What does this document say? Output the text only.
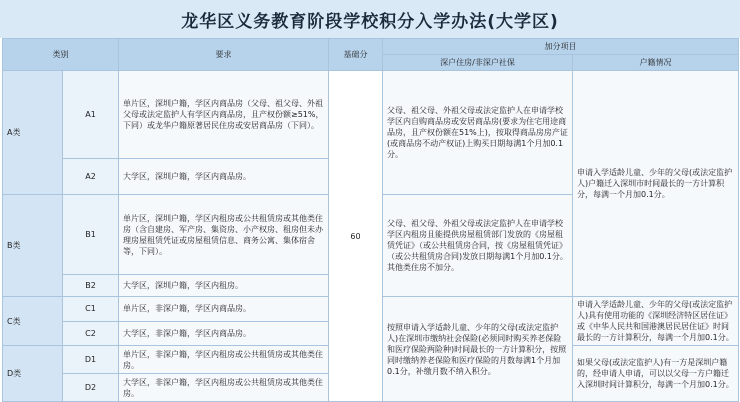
龙华区义务教育阶段学校积分入学办法(大学区)
类别		要求	基础分	加分项目	
				深户住房/非深户社保	户籍情况
A类	A1	单片区，深圳户籍，学区内商品房（父母、祖父母、外祖父母或法定监护人有学区内商品房，且产权份额≥51%，下同）或龙华户籍原著居民住房或安居商品房（下同）。	60	父母、祖父母、外祖父母或法定监护人在申请学校学区内自购商品房或安居商品房(要求为住宅用途商品房，且产权份额在51%上)，按取得商品房房产证(或商品房不动产权证)上购买日期每满1个月加0.1分。	申请入学适龄儿童、少年的父母(或法定监护人)户籍迁入深圳市时间最长的一方计算积分，每满一个月加0.1分。
	A2	大学区，深圳户籍，学区内商品房。			
B类	B1	单片区，深圳户籍，学区内租房或公共租赁房或其他类住房（含自建房、军产房、集资房、小产权房、租房但未办理房屋租赁凭证或房屋租赁信息、商务公寓、集体宿舍等，下同）。		父母、祖父母、外祖父母或法定监护人在申请学校学区内租房且能提供房屋租赁部门发放的《房屋租赁凭证》（或公共租赁房合同，按《房屋租赁凭证》（或公共租赁房合同)发放日期每满1个月加0.1分。其他类住房不加分。	
	B2	大学区，深圳户籍，学区内租房。			
C类	C1	单片区，非深户籍，学区内商品房。		按照申请入学适龄儿童、少年的父母(或法定监护人)在深圳市缴纳社会保险(必须同时购买养老保险和医疗保险两险种)时间最长的一方计算积分，按照同时缴纳养老保险和医疗保险的月数每满1个月加0.1分，补缴月数不纳入积分。	申请入学适龄儿童、少年的父母(或法定监护人)具有使用功能的《深圳经济特区居住证》或《中华人民共和国港澳居民居住证》时间最长的一方计算积分，每满一个月加0.1分。
	C2	大学区，非深户籍，学区内商品房。			
D类	D1	单片区，非深户籍，学区内租房或公共租赁房或其他类住房。			如果父母(或法定监护人)有一方是深圳户籍的，经申请人申请，可以以父母一方户籍迁入深圳时间计算积分，每满一个月加0.1分。
	D2	大学区，非深户籍，学区内租房或公共租赁房或其他类住房。			
